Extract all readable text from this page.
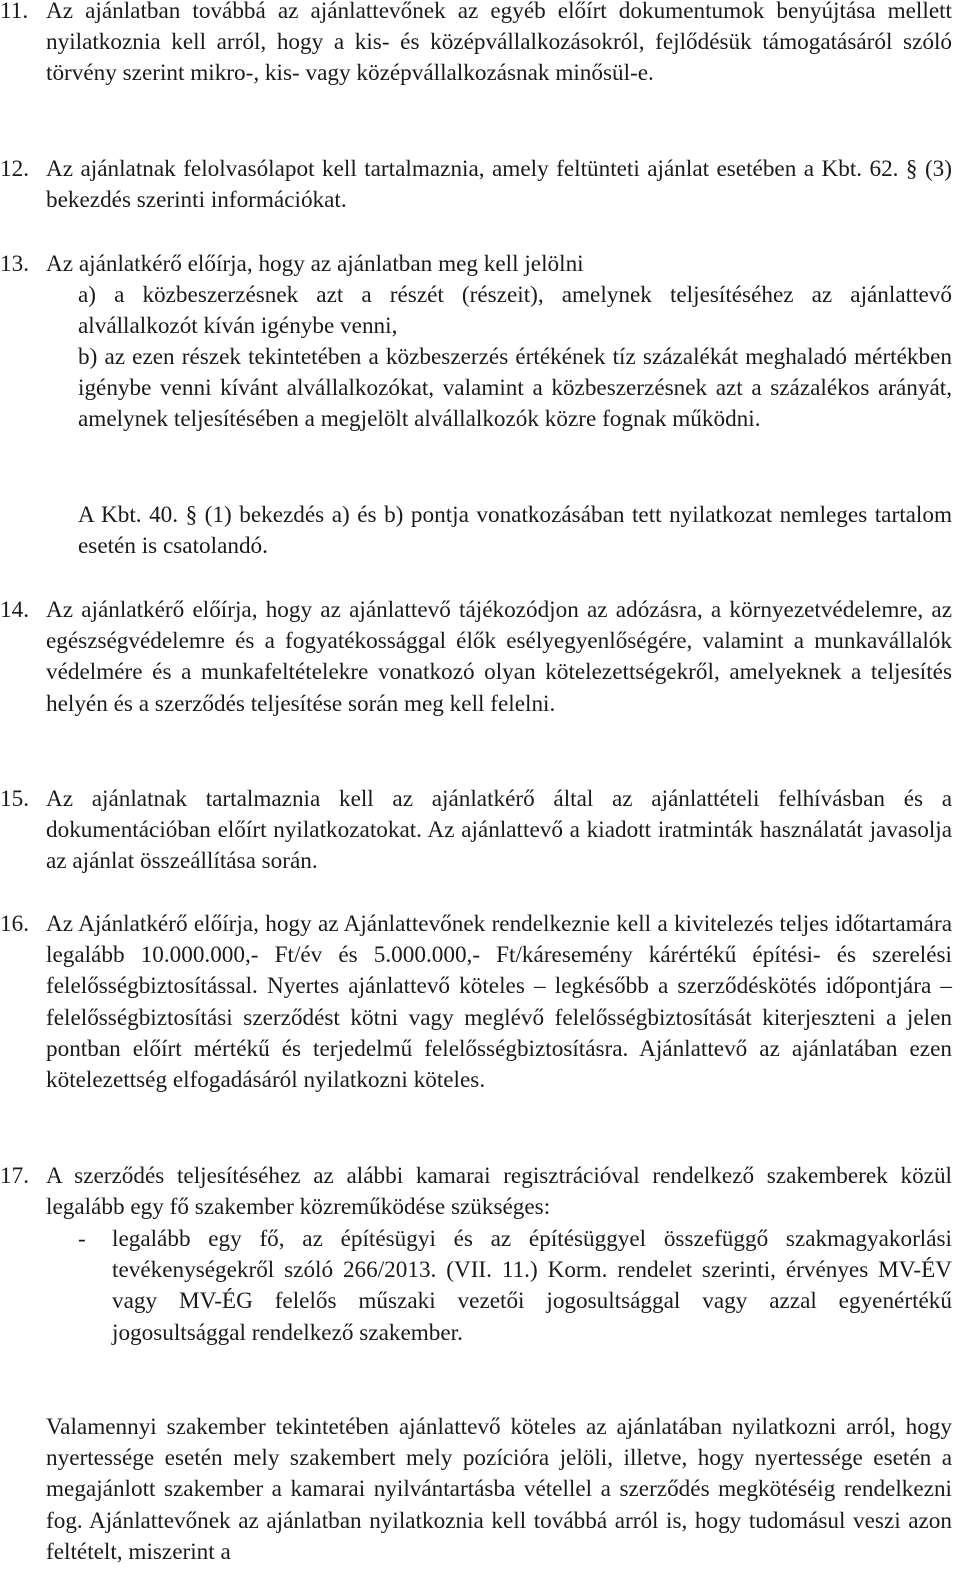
11. Az ajánlatban továbbá az ajánlattevőnek az egyéb előírt dokumentumok benyújtása mellett nyilatkoznia kell arról, hogy a kis- és középvállalkozásokról, fejlődésük támogatásáról szóló törvény szerint mikro-, kis- vagy középvállalkozásnak minősül-e.
12. Az ajánlatnak felolvasólapot kell tartalmaznia, amely feltünteti ajánlat esetében a Kbt. 62. § (3) bekezdés szerinti információkat.
13. Az ajánlatkérő előírja, hogy az ajánlatban meg kell jelölni
a) a közbeszerzésnek azt a részét (részeit), amelynek teljesítéséhez az ajánlattevő alvállalkozót kíván igénybe venni,
b) az ezen részek tekintetében a közbeszerzés értékének tíz százalékát meghaladó mértékben igénybe venni kívánt alvállalkozókat, valamint a közbeszerzésnek azt a százalékos arányát, amelynek teljesítésében a megjelölt alvállalkozók közre fognak működni.
A Kbt. 40. § (1) bekezdés a) és b) pontja vonatkozásában tett nyilatkozat nemleges tartalom esetén is csatolandó.
14. Az ajánlatkérő előírja, hogy az ajánlattevő tájékozódjon az adózásra, a környezetvédelemre, az egészségvédelemre és a fogyatékossággal élők esélyegyenlőségére, valamint a munkavállalók védelmére és a munkafeltételekre vonatkozó olyan kötelezettségekről, amelyeknek a teljesítés helyén és a szerződés teljesítése során meg kell felelni.
15. Az ajánlatnak tartalmaznia kell az ajánlatkérő által az ajánlattételi felhívásban és a dokumentációban előírt nyilatkozatokat. Az ajánlattevő a kiadott iratminták használatát javasolja az ajánlat összeállítása során.
16. Az Ajánlatkérő előírja, hogy az Ajánlattevőnek rendelkeznie kell a kivitelezés teljes időtartamára legalább 10.000.000,- Ft/év és 5.000.000,- Ft/káresemény kárértékű építési- és szerelési felelősségbiztosítással. Nyertes ajánlattevő köteles – legkésőbb a szerződéskötés időpontjára – felelősségbiztosítási szerződést kötni vagy meglévő felelősségbiztosítását kiterjeszteni a jelen pontban előírt mértékű és terjedelmű felelősségbiztosításra. Ajánlattevő az ajánlatában ezen kötelezettség elfogadásáról nyilatkozni köteles.
17. A szerződés teljesítéséhez az alábbi kamarai regisztrációval rendelkező szakemberek közül legalább egy fő szakember közreműködése szükséges:
- legalább egy fő, az építésügyi és az építésüggyel összefüggő szakmagyakorlási tevékenységekről szóló 266/2013. (VII. 11.) Korm. rendelet szerinti, érvényes MV-ÉV vagy MV-ÉG felelős műszaki vezetői jogosultsággal vagy azzal egyenértékű jogosultsággal rendelkező szakember.
Valamennyi szakember tekintetében ajánlattevő köteles az ajánlatában nyilatkozni arról, hogy nyertessége esetén mely szakembert mely pozícióra jelöli, illetve, hogy nyertessége esetén a megajánlott szakember a kamarai nyilvántartásba vétellel a szerződés megkötéséig rendelkezni fog. Ajánlattevőnek az ajánlatban nyilatkoznia kell továbbá arról is, hogy tudomásul veszi azon feltételt, miszerint a
